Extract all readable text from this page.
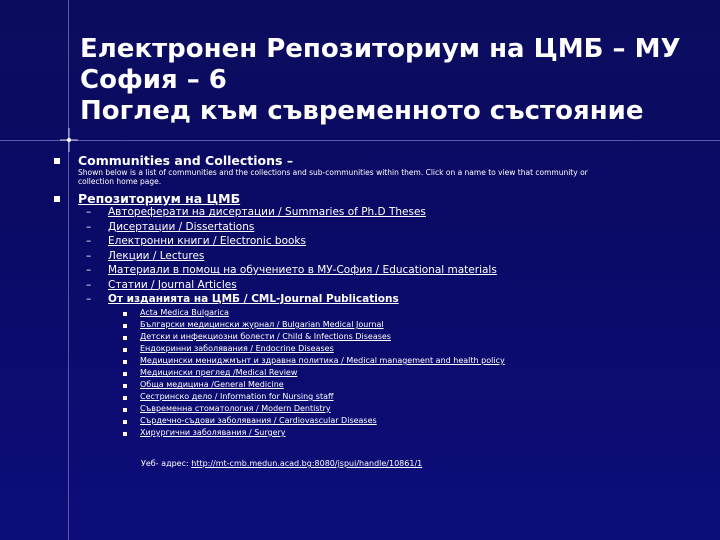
Електронен Репозиториум на ЦМБ – МУ
София – 6
Поглед към съвременното състояние
Communities and Collections –
Shown below is a list of communities and the collections and sub-communities within them. Click on a name to view that community or
collection home page.
Репозиториум на ЦМБ
–	Автореферати на дисертации / Summaries of Ph.D Theses
–	Дисертации / Dissertations
–	Електронни книги / Electronic books
–	Лекции / Lectures
–	Материали в помощ на обучението в МУ-София / Educational materials
–	Статии / Journal Articles
–	От изданията на ЦМБ / CML-Journal Publications
Acta Medica Bulgarica
Български медицински журнал / Bulgarian Medical Journal
Детски и инфекциозни болести / Child & Infections Diseases
Ендокринни заболявания / Endocrine Diseases
Медицински мениджмънт и здравна политика / Medical management and health policy
Медицински преглед /Medical Review
Обща медицина /General Medicine
Сестринско дело / Information for Nursing staff
Съвременна стоматология / Modern Dentistry
Сърдечно-съдови заболявания / Cardiovascular Diseases
Хирургични заболявания / Surgery
Уеб- адрес: http://mt-cmb.medun.acad.bg:8080/jspui/handle/10861/1
